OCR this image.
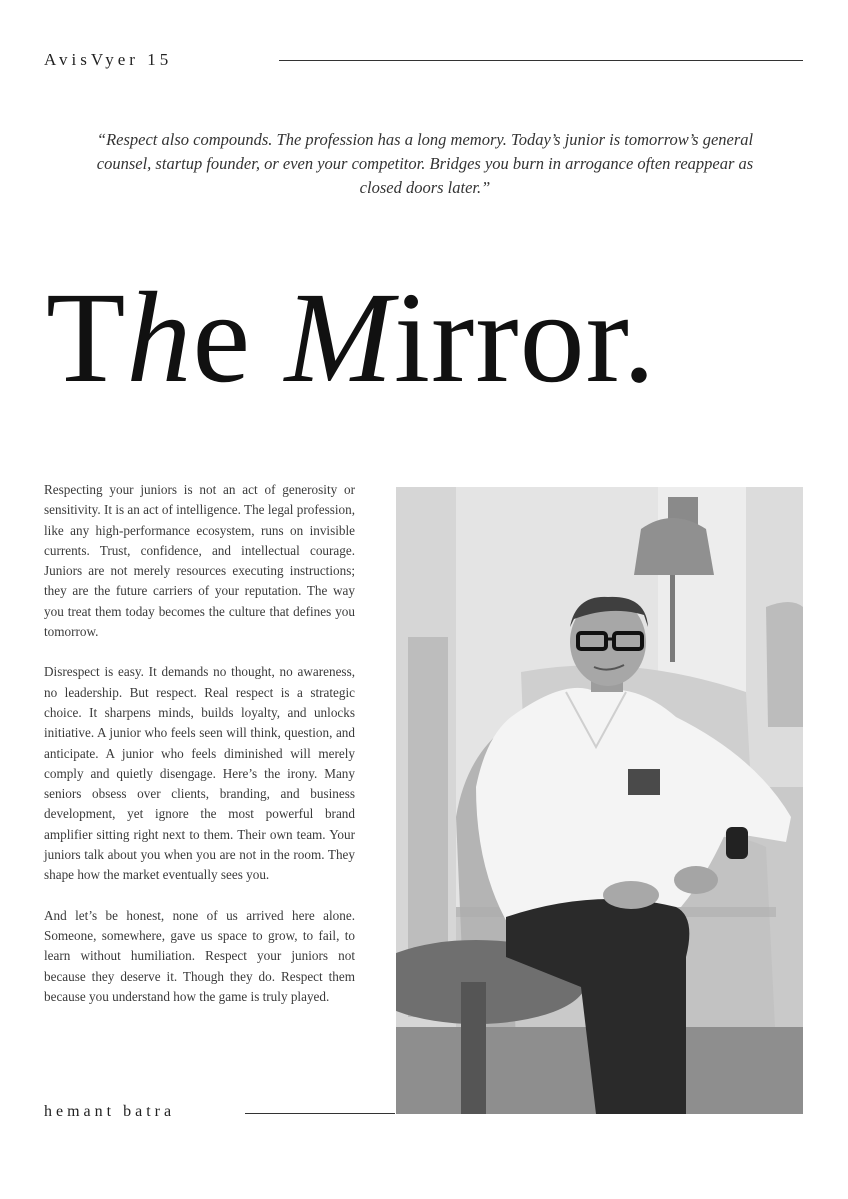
AvisVyer 15
“Respect also compounds. The profession has a long memory. Today’s junior is tomorrow’s general counsel, startup founder, or even your competitor. Bridges you burn in arrogance often reappear as closed doors later.”
The Mirror.

Respecting your juniors is not an act of generosity or sensitivity. It is an act of intelligence. The legal profession, like any high-performance ecosystem, runs on invisible currents. Trust, confidence, and intellectual courage. Juniors are not merely resources executing instructions; they are the future carriers of your reputation. The way you treat them today becomes the culture that defines you tomorrow.

Disrespect is easy. It demands no thought, no awareness, no leadership. But respect. Real respect is a strategic choice. It sharpens minds, builds loyalty, and unlocks initiative. A junior who feels seen will think, question, and anticipate. A junior who feels diminished will merely comply and quietly disengage. Here’s the irony. Many seniors obsess over clients, branding, and business development, yet ignore the most powerful brand amplifier sitting right next to them. Their own team. Your juniors talk about you when you are not in the room. They shape how the market eventually sees you.

And let’s be honest, none of us arrived here alone. Someone, somewhere, gave us space to grow, to fail, to learn without humiliation. Respect your juniors not because they deserve it. Though they do. Respect them because you understand how the game is truly played.

hemant batra
